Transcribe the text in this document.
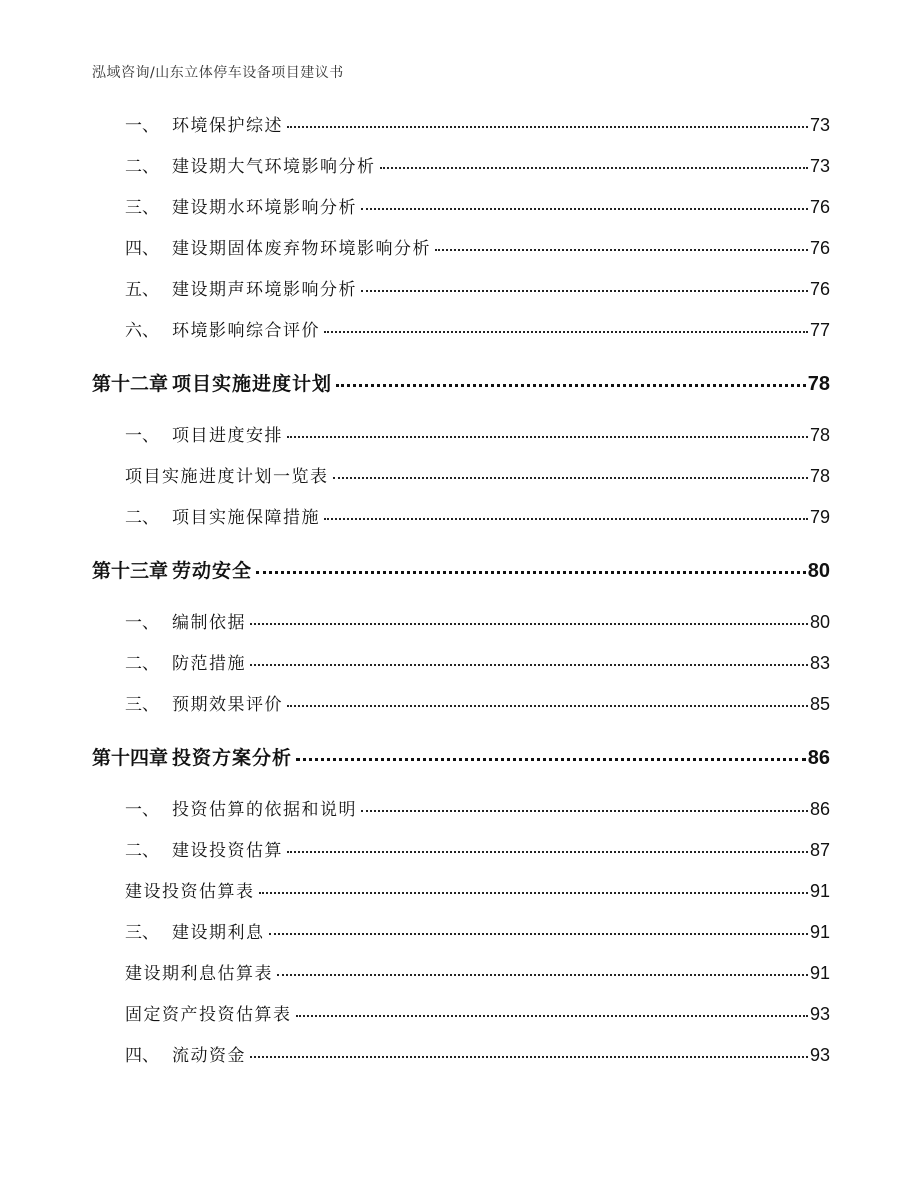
泓域咨询/山东立体停车设备项目建议书
一、 环境保护综述	73
二、 建设期大气环境影响分析	73
三、 建设期水环境影响分析	76
四、 建设期固体废弃物环境影响分析	76
五、 建设期声环境影响分析	76
六、 环境影响综合评价	77
第十二章 项目实施进度计划	78
一、 项目进度安排	78
项目实施进度计划一览表	78
二、 项目实施保障措施	79
第十三章 劳动安全	80
一、 编制依据	80
二、 防范措施	83
三、 预期效果评价	85
第十四章 投资方案分析	86
一、 投资估算的依据和说明	86
二、 建设投资估算	87
建设投资估算表	91
三、 建设期利息	91
建设期利息估算表	91
固定资产投资估算表	93
四、 流动资金	93
